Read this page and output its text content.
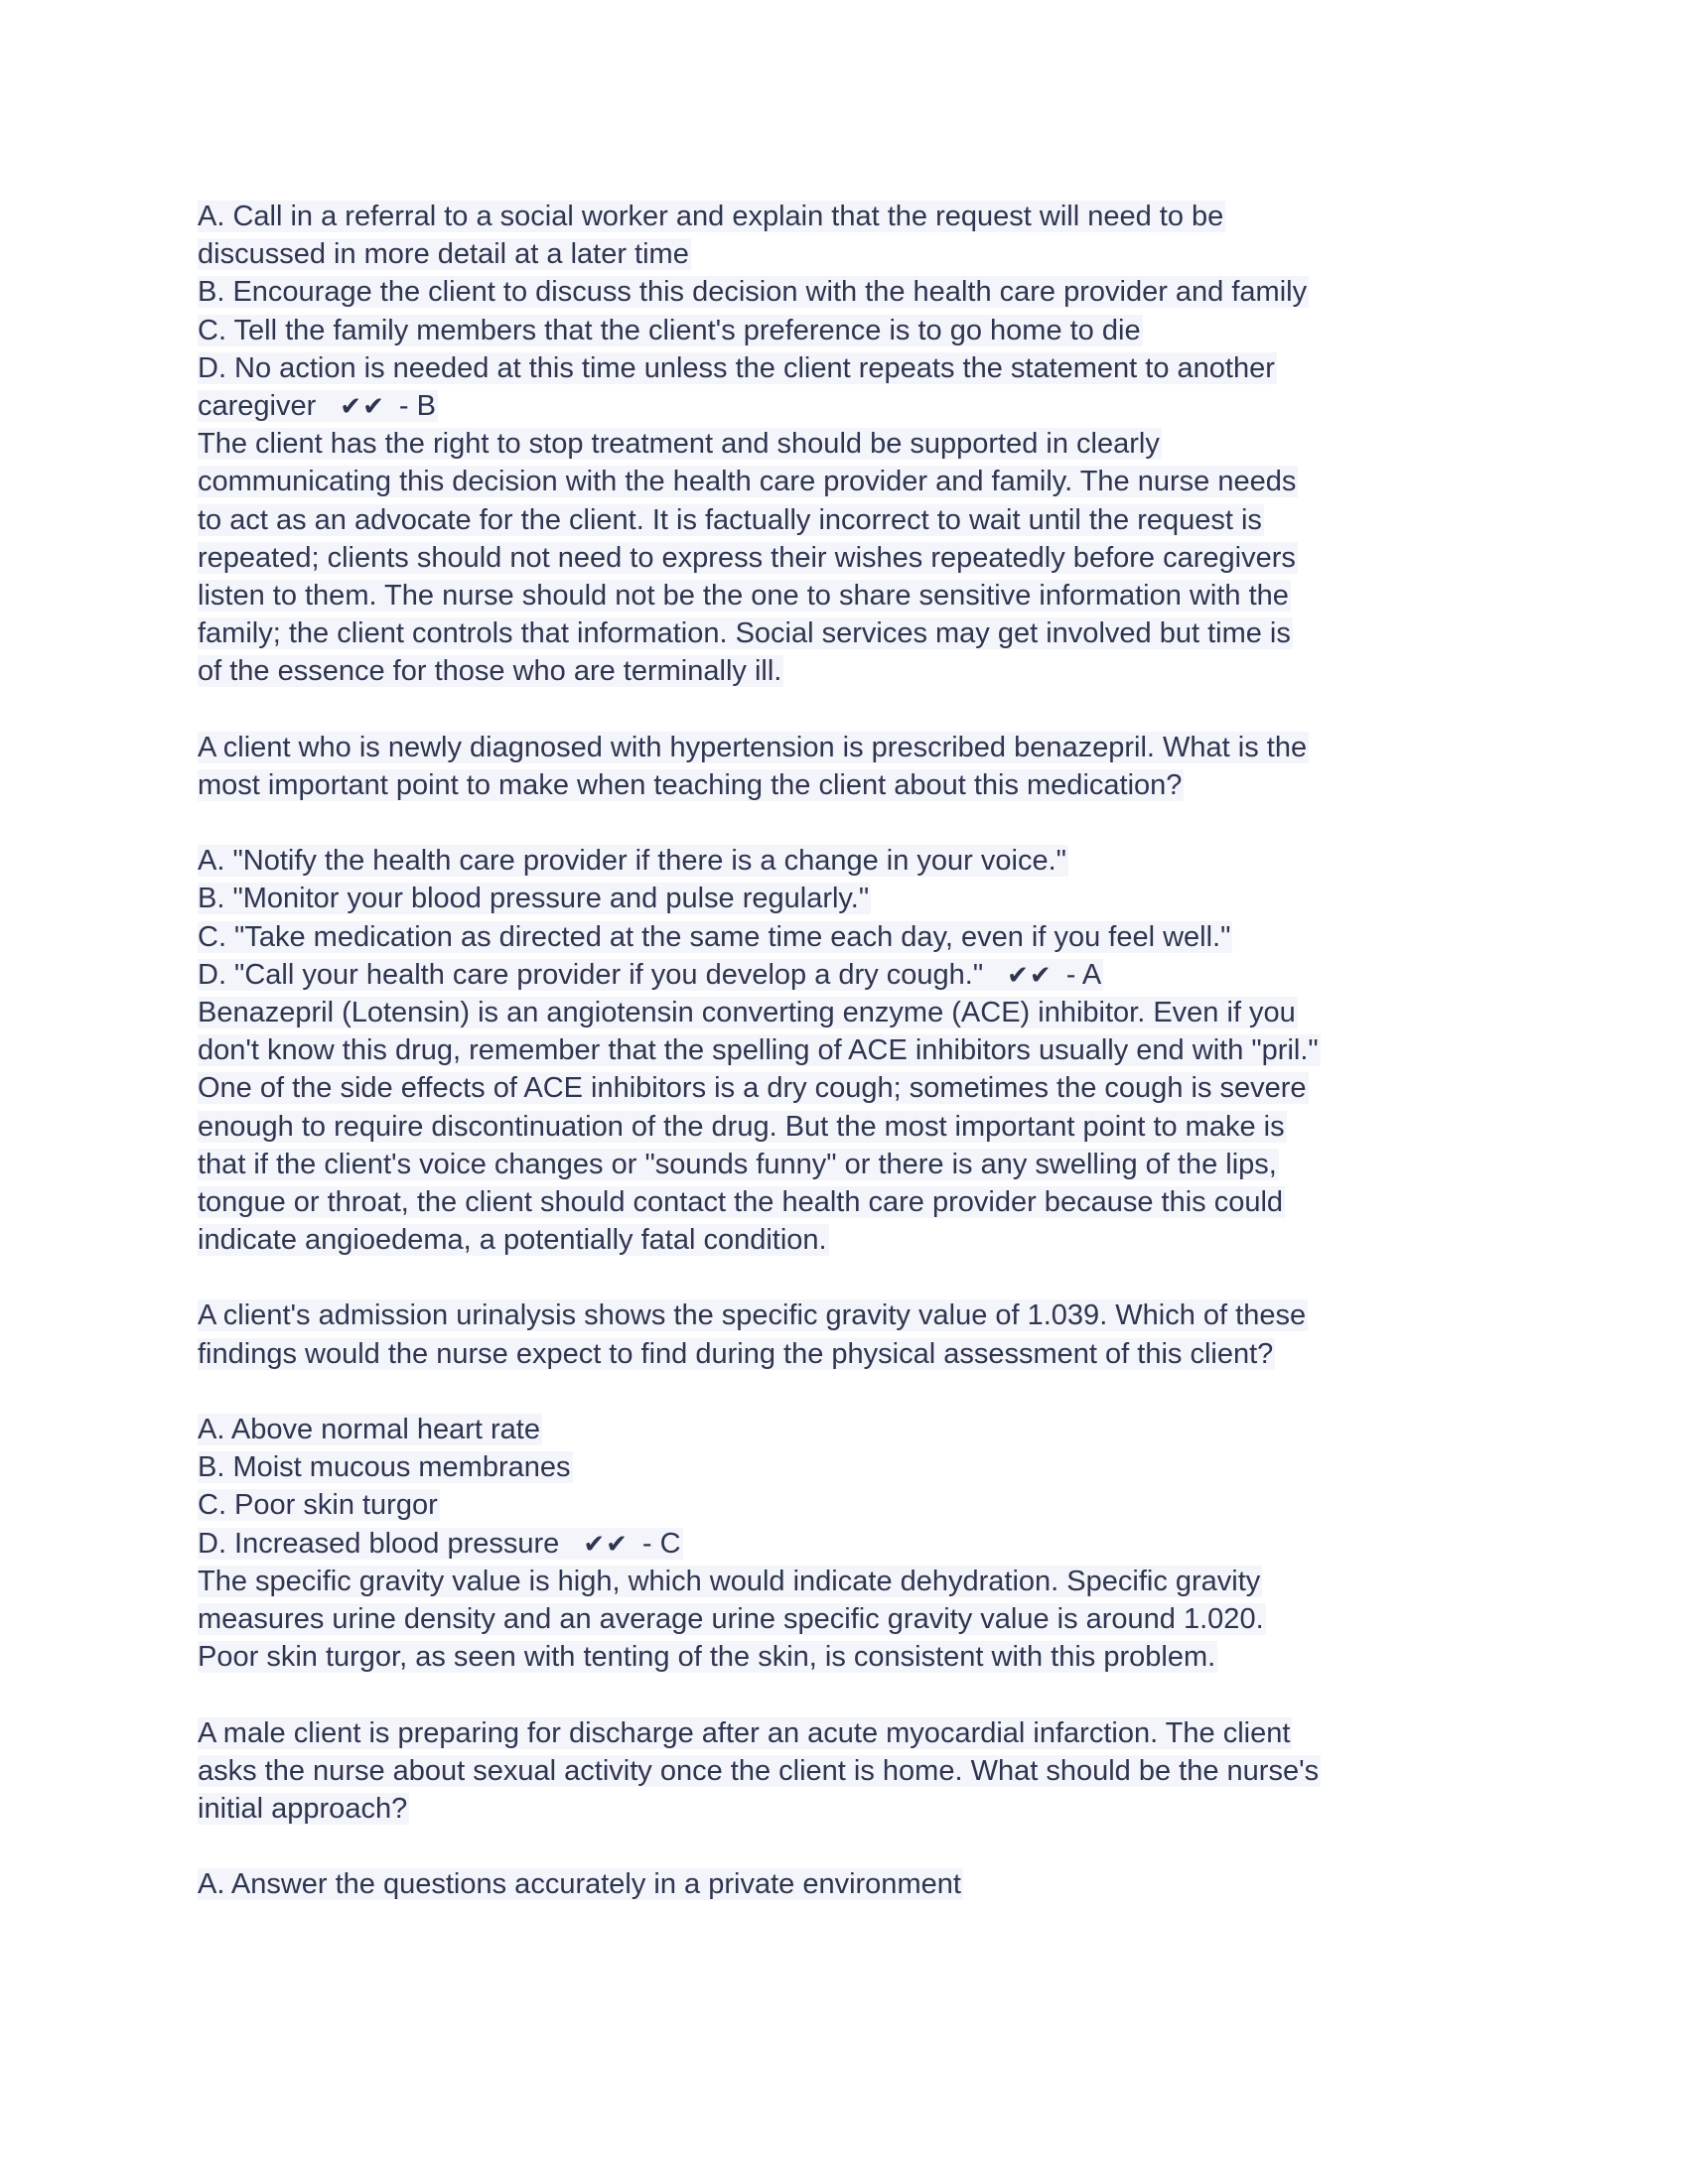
A. Call in a referral to a social worker and explain that the request will need to be
discussed in more detail at a later time
B. Encourage the client to discuss this decision with the health care provider and family
C. Tell the family members that the client's preference is to go home to die
D. No action is needed at this time unless the client repeats the statement to another
caregiver ✔✔ - B
The client has the right to stop treatment and should be supported in clearly
communicating this decision with the health care provider and family. The nurse needs
to act as an advocate for the client. It is factually incorrect to wait until the request is
repeated; clients should not need to express their wishes repeatedly before caregivers
listen to them. The nurse should not be the one to share sensitive information with the
family; the client controls that information. Social services may get involved but time is
of the essence for those who are terminally ill.
A client who is newly diagnosed with hypertension is prescribed benazepril. What is the
most important point to make when teaching the client about this medication?
A. "Notify the health care provider if there is a change in your voice."
B. "Monitor your blood pressure and pulse regularly."
C. "Take medication as directed at the same time each day, even if you feel well."
D. "Call your health care provider if you develop a dry cough." ✔✔ - A
Benazepril (Lotensin) is an angiotensin converting enzyme (ACE) inhibitor. Even if you
don't know this drug, remember that the spelling of ACE inhibitors usually end with "pril."
One of the side effects of ACE inhibitors is a dry cough; sometimes the cough is severe
enough to require discontinuation of the drug. But the most important point to make is
that if the client's voice changes or "sounds funny" or there is any swelling of the lips,
tongue or throat, the client should contact the health care provider because this could
indicate angioedema, a potentially fatal condition.
A client's admission urinalysis shows the specific gravity value of 1.039. Which of these
findings would the nurse expect to find during the physical assessment of this client?
A. Above normal heart rate
B. Moist mucous membranes
C. Poor skin turgor
D. Increased blood pressure ✔✔ - C
The specific gravity value is high, which would indicate dehydration. Specific gravity
measures urine density and an average urine specific gravity value is around 1.020.
Poor skin turgor, as seen with tenting of the skin, is consistent with this problem.
A male client is preparing for discharge after an acute myocardial infarction. The client
asks the nurse about sexual activity once the client is home. What should be the nurse's
initial approach?
A. Answer the questions accurately in a private environment
